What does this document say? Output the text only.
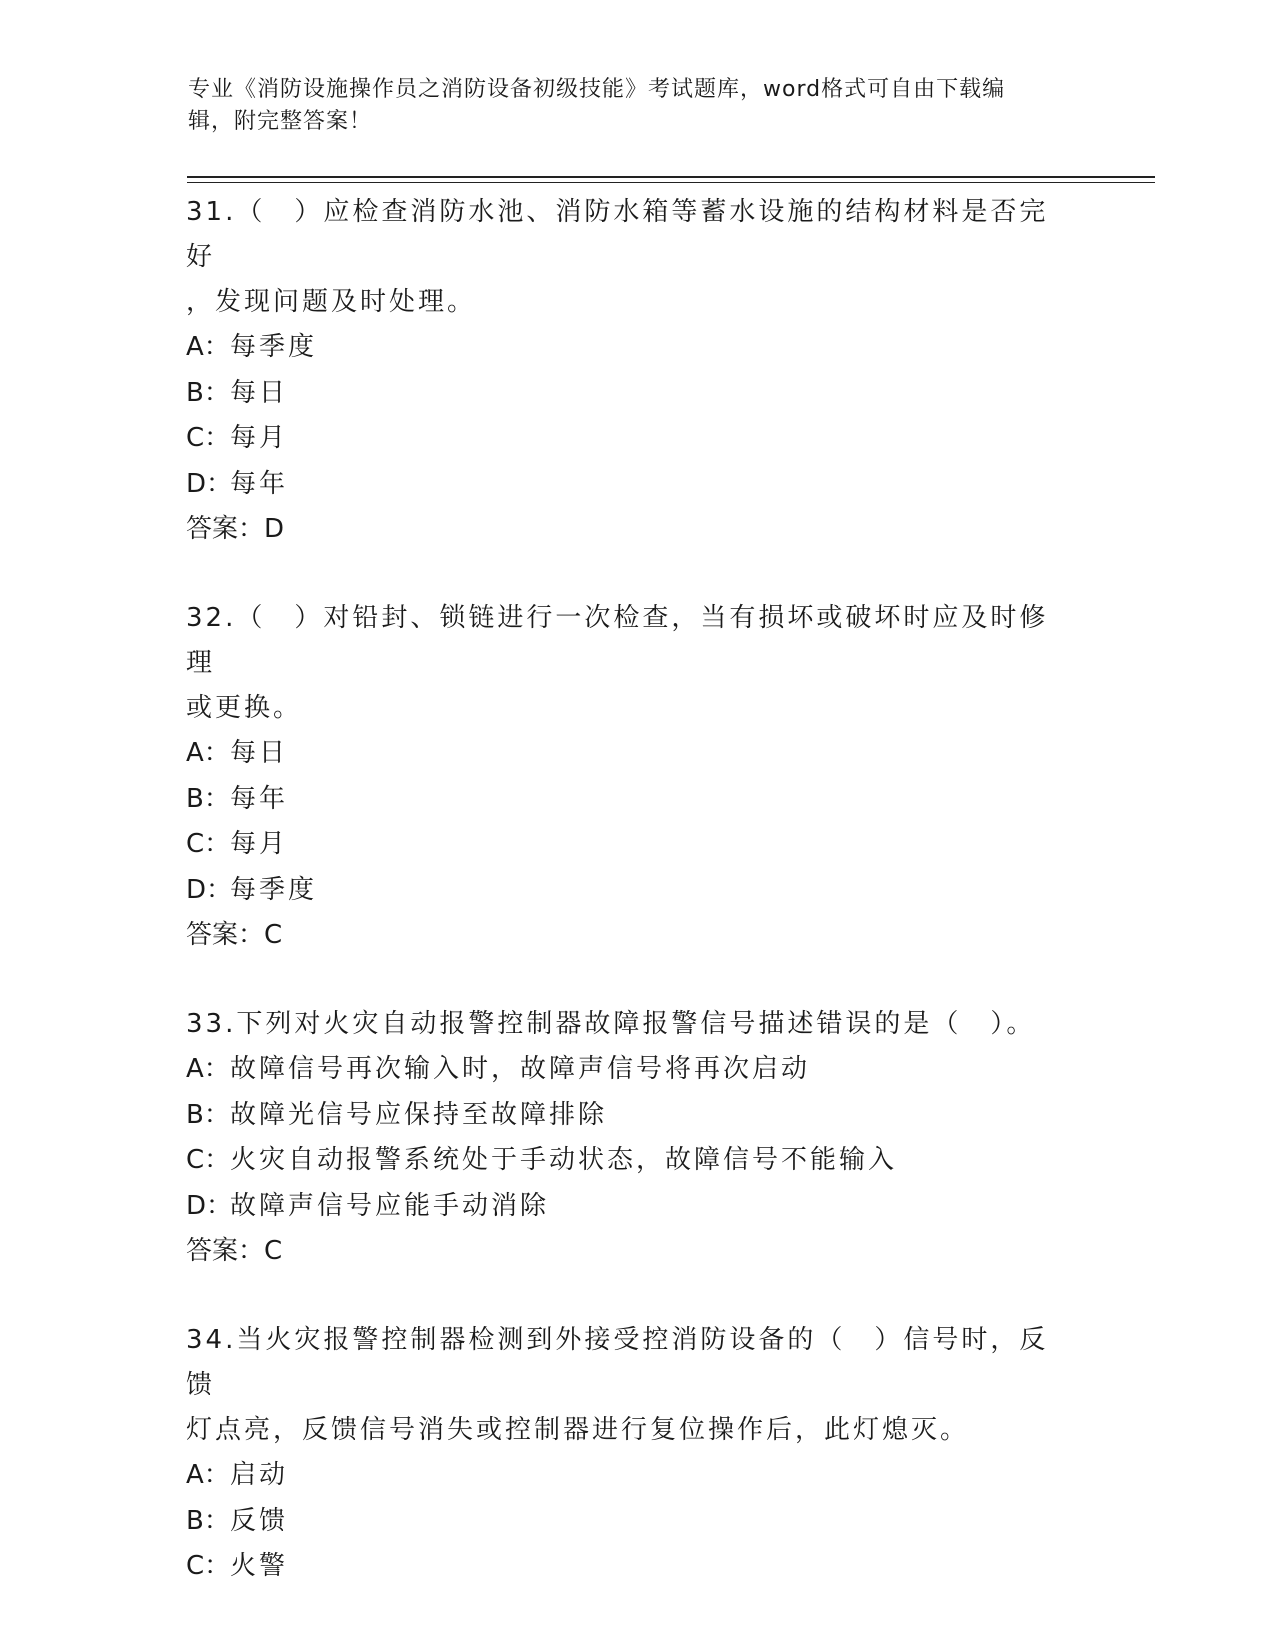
专业《消防设施操作员之消防设备初级技能》考试题库，word格式可自由下载编
辑，附完整答案！
31.（　）应检查消防水池、消防水箱等蓄水设施的结构材料是否完好
，发现问题及时处理。
A：每季度
B：每日
C：每月
D：每年
答案：D
32.（　）对铅封、锁链进行一次检查，当有损坏或破坏时应及时修理
或更换。
A：每日
B：每年
C：每月
D：每季度
答案：C
33.下列对火灾自动报警控制器故障报警信号描述错误的是（　）。
A：故障信号再次输入时，故障声信号将再次启动
B：故障光信号应保持至故障排除
C：火灾自动报警系统处于手动状态，故障信号不能输入
D：故障声信号应能手动消除
答案：C
34.当火灾报警控制器检测到外接受控消防设备的（　）信号时，反馈
灯点亮，反馈信号消失或控制器进行复位操作后，此灯熄灭。
A：启动
B：反馈
C：火警
